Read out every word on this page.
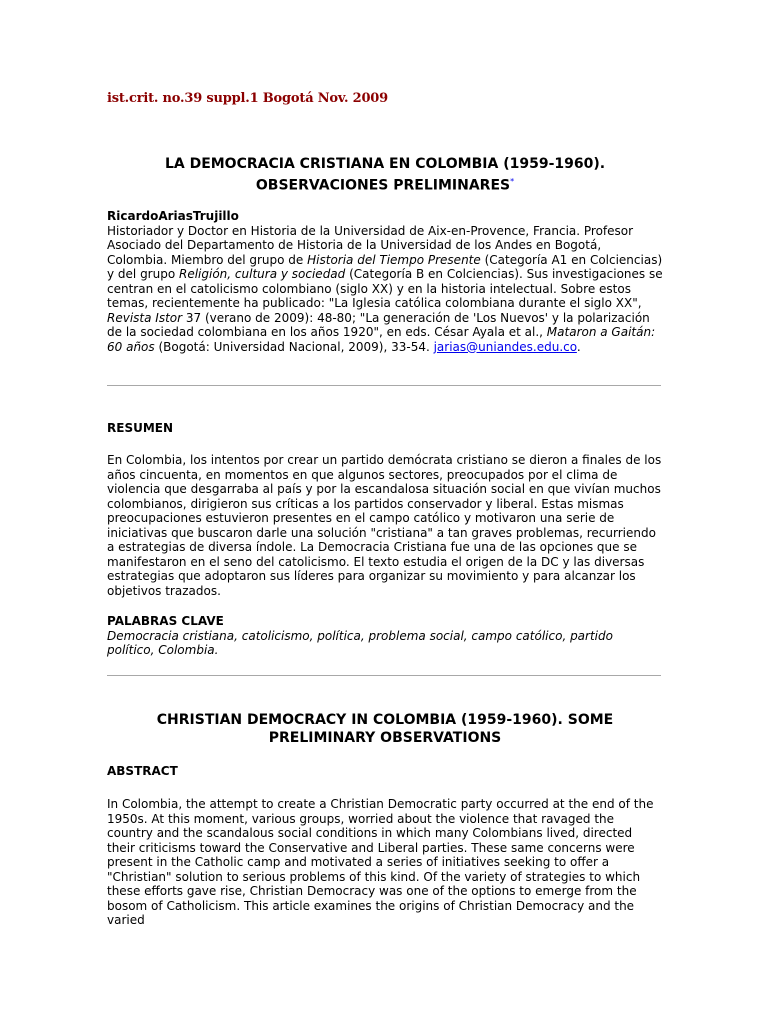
ist.crit. no.39 suppl.1 Bogotá Nov. 2009
LA DEMOCRACIA CRISTIANA EN COLOMBIA (1959-1960).
OBSERVACIONES PRELIMINARES*
RicardoAriasTrujillo

Historiador y Doctor en Historia de la Universidad de Aix-en-Provence, Francia. Profesor Asociado del Departamento de Historia de la Universidad de los Andes en Bogotá, Colombia. Miembro del grupo de Historia del Tiempo Presente (Categoría A1 en Colciencias) y del grupo Religión, cultura y sociedad (Categoría B en Colciencias). Sus investigaciones se centran en el catolicismo colombiano (siglo XX) y en la historia intelectual. Sobre estos temas, recientemente ha publicado: "La Iglesia católica colombiana durante el siglo XX", Revista Istor 37 (verano de 2009): 48-80; "La generación de 'Los Nuevos' y la polarización de la sociedad colombiana en los años 1920", en eds. César Ayala et al., Mataron a Gaitán: 60 años (Bogotá: Universidad Nacional, 2009), 33-54. jarias@uniandes.edu.co.

RESUMEN

En Colombia, los intentos por crear un partido demócrata cristiano se dieron a finales de los años cincuenta, en momentos en que algunos sectores, preocupados por el clima de violencia que desgarraba al país y por la escandalosa situación social en que vivían muchos colombianos, dirigieron sus críticas a los partidos conservador y liberal. Estas mismas preocupaciones estuvieron presentes en el campo católico y motivaron una serie de iniciativas que buscaron darle una solución "cristiana" a tan graves problemas, recurriendo a estrategias de diversa índole. La Democracia Cristiana fue una de las opciones que se manifestaron en el seno del catolicismo. El texto estudia el origen de la DC y las diversas estrategias que adoptaron sus líderes para organizar su movimiento y para alcanzar los objetivos trazados.

PALABRAS CLAVE

Democracia cristiana, catolicismo, política, problema social, campo católico, partido político, Colombia.

CHRISTIAN DEMOCRACY IN COLOMBIA (1959-1960). SOME
PRELIMINARY OBSERVATIONS
ABSTRACT

In Colombia, the attempt to create a Christian Democratic party occurred at the end of the 1950s. At this moment, various groups, worried about the violence that ravaged the country and the scandalous social conditions in which many Colombians lived, directed their criticisms toward the Conservative and Liberal parties. These same concerns were present in the Catholic camp and motivated a series of initiatives seeking to offer a "Christian" solution to serious problems of this kind. Of the variety of strategies to which these efforts gave rise, Christian Democracy was one of the options to emerge from the bosom of Catholicism. This article examines the origins of Christian Democracy and the varied
